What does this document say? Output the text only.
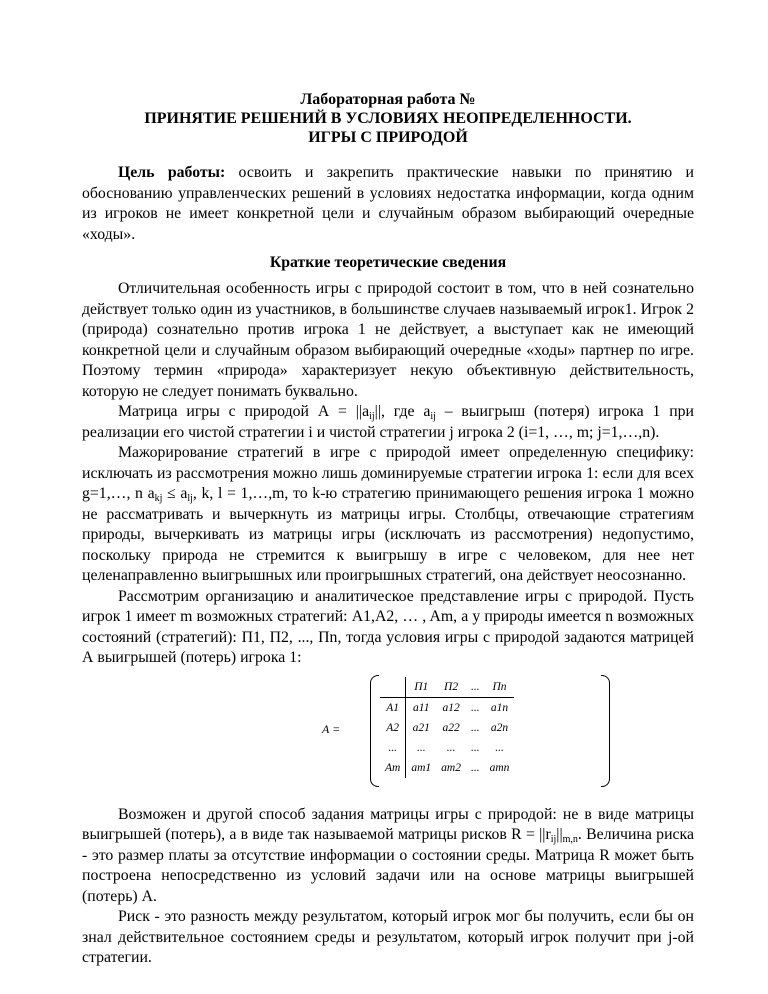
Лабораторная работа №

ПРИНЯТИЕ РЕШЕНИЙ В УСЛОВИЯХ НЕОПРЕДЕЛЕННОСТИ.

ИГРЫ С ПРИРОДОЙ

Цель работы: освоить и закрепить практические навыки по принятию и обоснованию управленческих решений в условиях недостатка информации, когда одним из игроков не имеет конкретной цели и случайным образом выбирающий очередные «ходы».

Краткие теоретические сведения

Отличительная особенность игры с природой состоит в том, что в ней сознательно действует только один из участников, в большинстве случаев называемый игрок1. Игрок 2 (природа) сознательно против игрока 1 не действует, а выступает как не имеющий конкретной цели и случайным образом выбирающий очередные «ходы» партнер по игре. Поэтому термин «природа» характеризует некую объективную действительность, которую не следует понимать буквально.

Матрица игры с природой $А = ||a_{ij}||$, где $a_{ij}$ – выигрыш (потеря) игрока 1 при реализации его чистой стратегии i и чистой стратегии j игрока 2 (i=1, …, m; j=1,…,n).

Мажорирование стратегий в игре с природой имеет определенную специфику: исключать из рассмотрения можно лишь доминируемые стратегии игрока 1: если для всех g=1,…, n $a_{kj} \le a_{lj}$, k, l = 1,…,m, то k-ю стратегию принимающего решения игрока 1 можно не рассматривать и вычеркнуть из матрицы игры. Столбцы, отвечающие стратегиям природы, вычеркивать из матрицы игры (исключать из рассмотрения) недопустимо, поскольку природа не стремится к выигрышу в игре с человеком, для нее нет целенаправленно выигрышных или проигрышных стратегий, она действует неосознанно.

Рассмотрим организацию и аналитическое представление игры с природой. Пусть игрок 1 имеет m возможных стратегий: A1,A2, … , Am, а у природы имеется n возможных состояний (стратегий): П1, П2, ..., Пn, тогда условия игры с природой задаются матрицей А выигрышей (потерь) игрока 1:

A =
	П1	П2	...	Пn
A1	a11	a12	...	a1n
A2	a21	a22	...	a2n
...	...	...	...	...
Am	am1	am2	...	amn

Возможен и другой способ задания матрицы игры с природой: не в виде матрицы выигрышей (потерь), а в виде так называемой матрицы рисков $R = ||r_{ij}||_{m,n}$. Величина риска - это размер платы за отсутствие информации о состоянии среды. Матрица R может быть построена непосредственно из условий задачи или на основе матрицы выигрышей (потерь) А.

Риск - это разность между результатом, который игрок мог бы получить, если бы он знал действительное состоянием среды и результатом, который игрок получит при j-ой стратегии.
